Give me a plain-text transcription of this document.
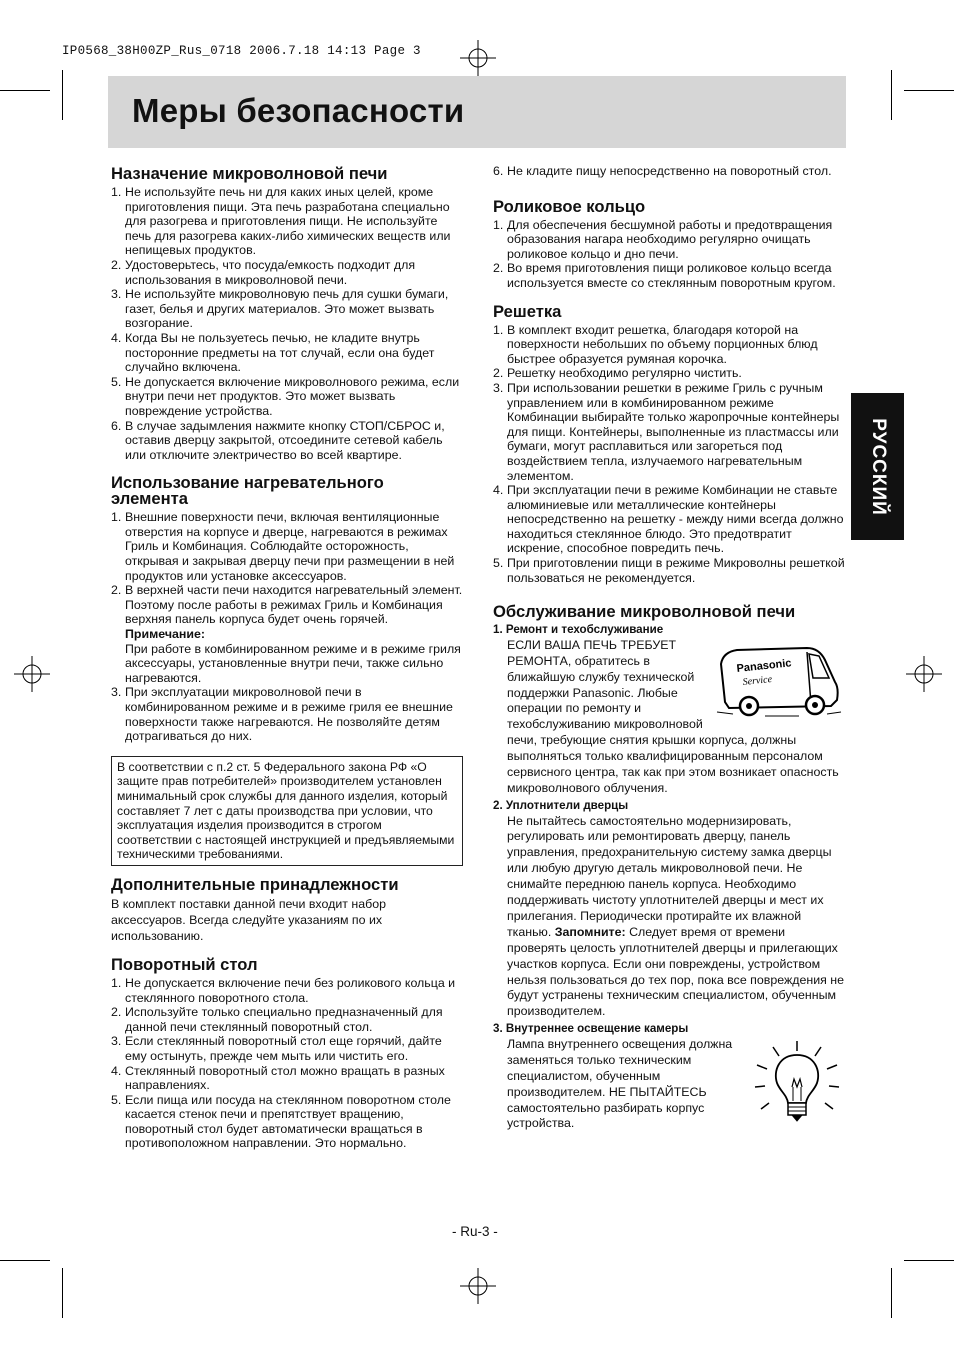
IP0568_38H00ZP_Rus_0718 2006.7.18 14:13 Page 3
Меры безопасности
РУССКИЙ
Назначение микроволновой печи
1. Не используйте печь ни для каких иных целей, кроме приготовления пищи. Эта печь разработана специально для разогрева и приготовления пищи. Не используйте печь для разогрева каких-либо химических веществ или непищевых продуктов.
2. Удостоверьтесь, что посуда/емкость подходит для использования в микроволновой печи.
3. Не используйте микроволновую печь для сушки бумаги, газет, белья и других материалов. Это может вызвать возгорание.
4. Когда Вы не пользуетесь печью, не кладите внутрь посторонние предметы на тот случай, если она будет случайно включена.
5. Не допускается включение микроволнового режима, если внутри печи нет продуктов. Это может вызвать повреждение устройства.
6. В случае задымления нажмите кнопку СТОП/СБРОС и, оставив дверцу закрытой, отсоедините сетевой кабель или отключите электричество во всей квартире.
Использование нагревательного элемента
1. Внешние поверхности печи, включая вентиляционные отверстия на корпусе и дверце, нагреваются в режимах Гриль и Комбинация. Соблюдайте осторожность, открывая и закрывая дверцу печи при размещении в ней продуктов или установке аксессуаров.
2. В верхней части печи находится нагревательный элемент. Поэтому после работы в режимах Гриль и Комбинация верхняя панель корпуса будет очень горячей.
Примечание:
При работе в комбинированном режиме и в режиме гриля аксессуары, установленные внутри печи, также сильно нагреваются.
3. При эксплуатации микроволновой печи в комбинированном режиме и в режиме гриля ее внешние поверхности также нагреваются. Не позволяйте детям дотрагиваться до них.
В соответствии с п.2 ст. 5 Федерального закона РФ «О защите прав потребителей» производителем установлен минимальный срок службы для данного изделия, который составляет 7 лет с даты производства при условии, что эксплуатация изделия производится в строгом соответствии с настоящей инструкцией и предъявляемыми техническими требованиями.
Дополнительные принадлежности

В комплект поставки данной печи входит набор аксессуаров. Всегда следуйте указаниям по их использованию.

Поворотный стол
1. Не допускается включение печи без роликового кольца и стеклянного поворотного стола.
2. Используйте только специально предназначенный для данной печи стеклянный поворотный стол.
3. Если стеклянный поворотный стол еще горячий, дайте ему остынуть, прежде чем мыть или чистить его.
4. Стеклянный поворотный стол можно вращать в разных направлениях.
5. Если пища или посуда на стеклянном поворотном столе касается стенок печи и препятствует вращению, поворотный стол будет автоматически вращаться в противоположном направлении. Это нормально.
6. Не кладите пищу непосредственно на поворотный стол.
Роликовое кольцо
1. Для обеспечения бесшумной работы и предотвращения образования нагара необходимо регулярно очищать роликовое кольцо и дно печи.
2. Во время приготовления пищи роликовое кольцо всегда используется вместе со стеклянным поворотным кругом.
Решетка
1. В комплект входит решетка, благодаря которой на поверхности небольших по объему порционных блюд быстрее образуется румяная корочка.
2. Решетку необходимо регулярно чистить.
3. При использовании решетки в режиме Гриль с ручным управлением или в комбинированном режиме Комбинации выбирайте только жаропрочные контейнеры для пищи. Контейнеры, выполненные из пластмассы или бумаги, могут расплавиться или загореться под воздействием тепла, излучаемого нагревательным элементом.
4. При эксплуатации печи в режиме Комбинации не ставьте алюминиевые или металлические контейнеры непосредственно на решетку - между ними всегда должно находиться стеклянное блюдо. Это предотвратит искрение, способное повредить печь.
5. При приготовлении пищи в режиме Микроволны решеткой пользоваться не рекомендуется.
Обслуживание микроволновой печи
1. Ремонт и техобслуживание
Panasonic
Service
ЕСЛИ ВАША ПЕЧЬ ТРЕБУЕТ РЕМОНТА, обратитесь в ближайшую службу технической поддержки Panasonic. Любые операции по ремонту и техобслуживанию микроволновой печи, требующие снятия крышки корпуса, должны выполняться только квалифицированным персоналом сервисного центра, так как при этом возникает опасность микроволнового облучения.
2. Уплотнители дверцы
Не пытайтесь самостоятельно модернизировать, регулировать или ремонтировать дверцу, панель управления, предохранительную систему замка дверцы или любую другую деталь микроволновой печи. Не снимайте переднюю панель корпуса. Необходимо поддерживать чистоту уплотнителей дверцы и мест их прилегания. Периодически протирайте их влажной тканью. Запомните: Следует время от времени проверять целость уплотнителей дверцы и прилегающих участков корпуса. Если они повреждены, устройством нельзя пользоваться до тех пор, пока все повреждения не будут устранены техническим специалистом, обученным производителем.
3. Внутреннее освещение камеры
Лампа внутреннего освещения должна заменяться только техническим специалистом, обученным производителем. НЕ ПЫТАЙТЕСЬ самостоятельно разбирать корпус устройства.
- Ru-3 -
